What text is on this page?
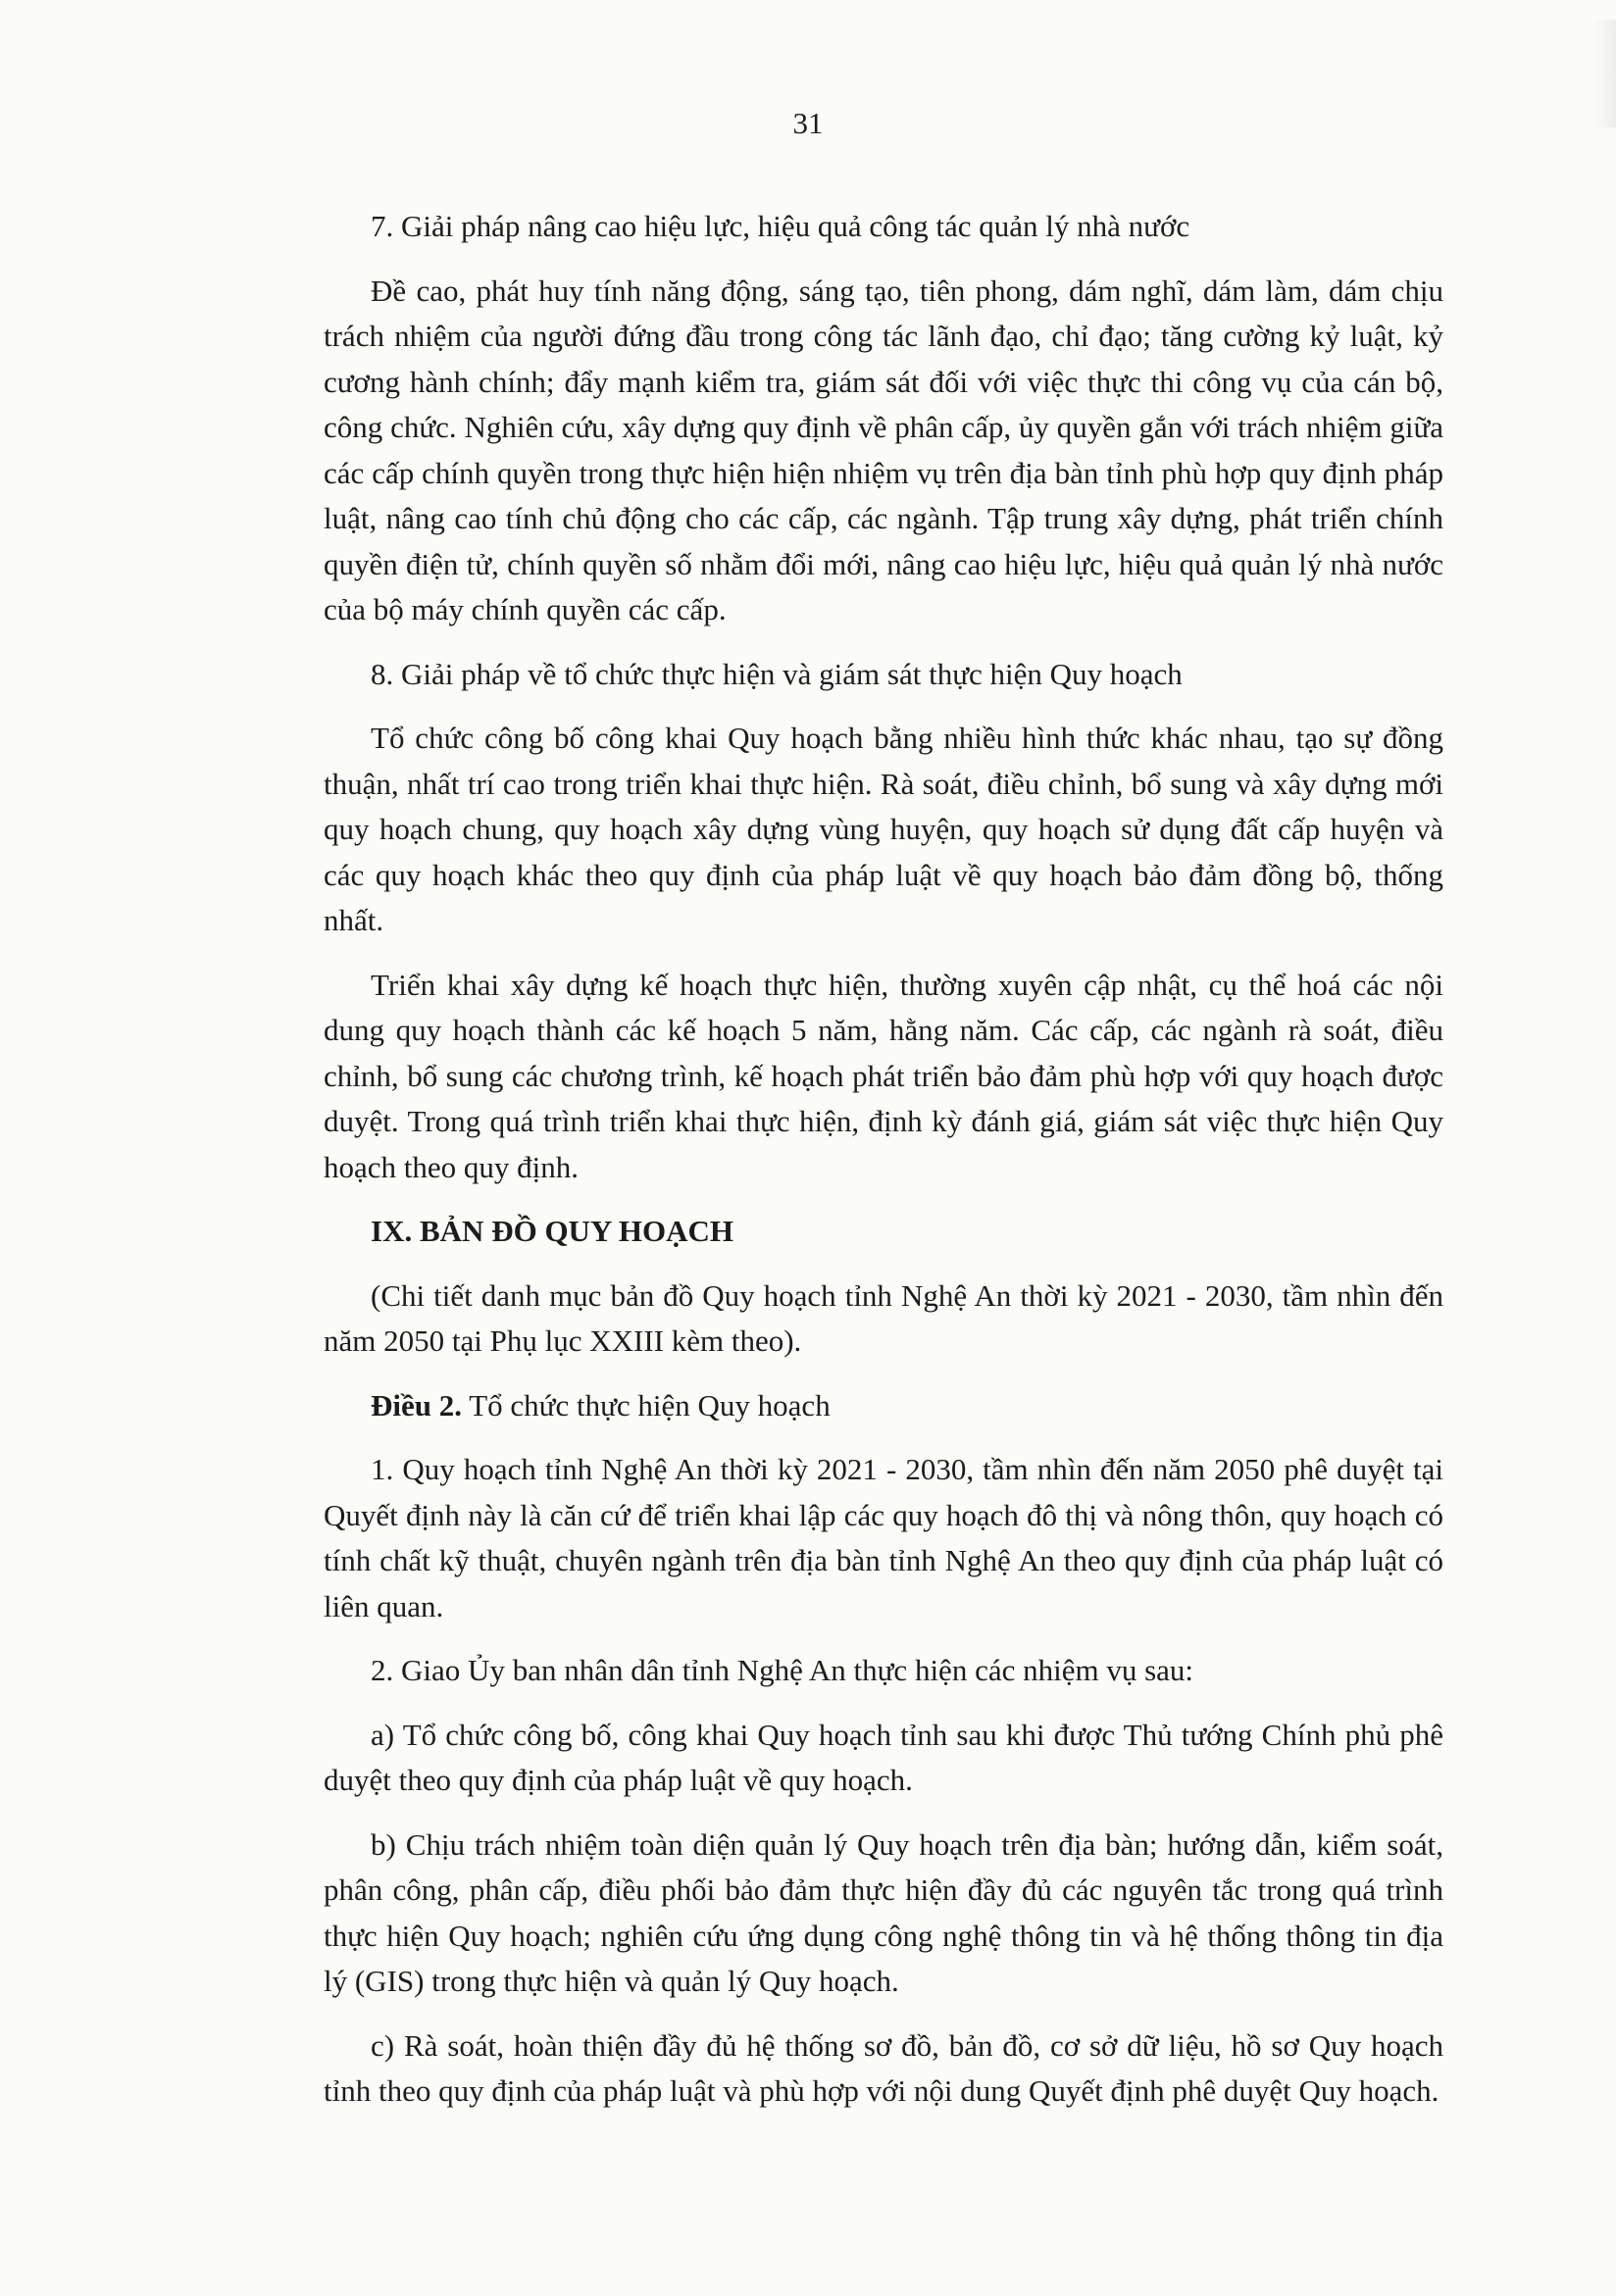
31

7. Giải pháp nâng cao hiệu lực, hiệu quả công tác quản lý nhà nước

Đề cao, phát huy tính năng động, sáng tạo, tiên phong, dám nghĩ, dám làm, dám chịu trách nhiệm của người đứng đầu trong công tác lãnh đạo, chỉ đạo; tăng cường kỷ luật, kỷ cương hành chính; đẩy mạnh kiểm tra, giám sát đối với việc thực thi công vụ của cán bộ, công chức. Nghiên cứu, xây dựng quy định về phân cấp, ủy quyền gắn với trách nhiệm giữa các cấp chính quyền trong thực hiện hiện nhiệm vụ trên địa bàn tỉnh phù hợp quy định pháp luật, nâng cao tính chủ động cho các cấp, các ngành. Tập trung xây dựng, phát triển chính quyền điện tử, chính quyền số nhằm đổi mới, nâng cao hiệu lực, hiệu quả quản lý nhà nước của bộ máy chính quyền các cấp.

8. Giải pháp về tổ chức thực hiện và giám sát thực hiện Quy hoạch

Tổ chức công bố công khai Quy hoạch bằng nhiều hình thức khác nhau, tạo sự đồng thuận, nhất trí cao trong triển khai thực hiện. Rà soát, điều chỉnh, bổ sung và xây dựng mới quy hoạch chung, quy hoạch xây dựng vùng huyện, quy hoạch sử dụng đất cấp huyện và các quy hoạch khác theo quy định của pháp luật về quy hoạch bảo đảm đồng bộ, thống nhất.

Triển khai xây dựng kế hoạch thực hiện, thường xuyên cập nhật, cụ thể hoá các nội dung quy hoạch thành các kế hoạch 5 năm, hằng năm. Các cấp, các ngành rà soát, điều chỉnh, bổ sung các chương trình, kế hoạch phát triển bảo đảm phù hợp với quy hoạch được duyệt. Trong quá trình triển khai thực hiện, định kỳ đánh giá, giám sát việc thực hiện Quy hoạch theo quy định.

IX. BẢN ĐỒ QUY HOẠCH

(Chi tiết danh mục bản đồ Quy hoạch tỉnh Nghệ An thời kỳ 2021 - 2030, tầm nhìn đến năm 2050 tại Phụ lục XXIII kèm theo).

Điều 2. Tổ chức thực hiện Quy hoạch

1. Quy hoạch tỉnh Nghệ An thời kỳ 2021 - 2030, tầm nhìn đến năm 2050 phê duyệt tại Quyết định này là căn cứ để triển khai lập các quy hoạch đô thị và nông thôn, quy hoạch có tính chất kỹ thuật, chuyên ngành trên địa bàn tỉnh Nghệ An theo quy định của pháp luật có liên quan.

2. Giao Ủy ban nhân dân tỉnh Nghệ An thực hiện các nhiệm vụ sau:

a) Tổ chức công bố, công khai Quy hoạch tỉnh sau khi được Thủ tướng Chính phủ phê duyệt theo quy định của pháp luật về quy hoạch.

b) Chịu trách nhiệm toàn diện quản lý Quy hoạch trên địa bàn; hướng dẫn, kiểm soát, phân công, phân cấp, điều phối bảo đảm thực hiện đầy đủ các nguyên tắc trong quá trình thực hiện Quy hoạch; nghiên cứu ứng dụng công nghệ thông tin và hệ thống thông tin địa lý (GIS) trong thực hiện và quản lý Quy hoạch.

c) Rà soát, hoàn thiện đầy đủ hệ thống sơ đồ, bản đồ, cơ sở dữ liệu, hồ sơ Quy hoạch tỉnh theo quy định của pháp luật và phù hợp với nội dung Quyết định phê duyệt Quy hoạch.
